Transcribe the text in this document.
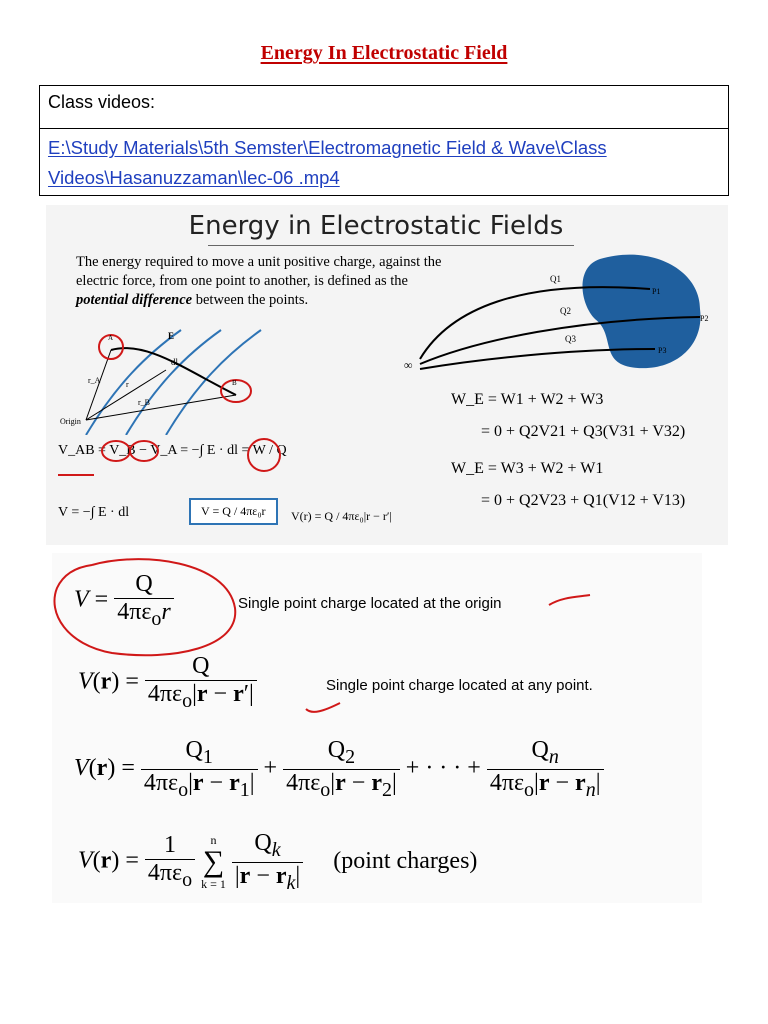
Energy In Electrostatic Field
Class videos:
E:\Study Materials\5th Semster\Electromagnetic Field & Wave\Class Videos\Hasanuzzaman\lec-06 .mp4
Energy in Electrostatic Fields
The energy required to move a unit positive charge, against the electric force, from one point to another, is defined as the potential difference between the points.
E
dl
r_A	r
r_B
A
B
Origin
V_AB = V_B − V_A = −∫ E · dl = W / Q
V = −∫ E · dl	V = Q / 4πε₀r	V(r) = Q / 4πε₀|r − r′|
Q1
Q2
Q3
P1
P2
P3
∞
W_E = W1 + W2 + W3
= 0 + Q2V21 + Q3(V31 + V32)
W_E = W3 + W2 + W1
= 0 + Q2V23 + Q1(V12 + V13)
$V = \frac{Q}{4\pi\varepsilon_or}$	Single point charge located at the origin
$V(r) = \frac{Q}{4\pi\varepsilon_o|r - r'|}$	Single point charge located at any point.
$V(r) = \frac{Q_1}{4\pi\varepsilon_o|r - r_1|} + \frac{Q_2}{4\pi\varepsilon_o|r - r_2|}$ + · · · + $\frac{Q_n}{4\pi\varepsilon_o|r - r_n|}$
$V(r) = \frac{1}{4\pi\varepsilon_o}$
	n
∑
k = 1
$\frac{Q_k}{|r - r_k|}$ (point charges)
